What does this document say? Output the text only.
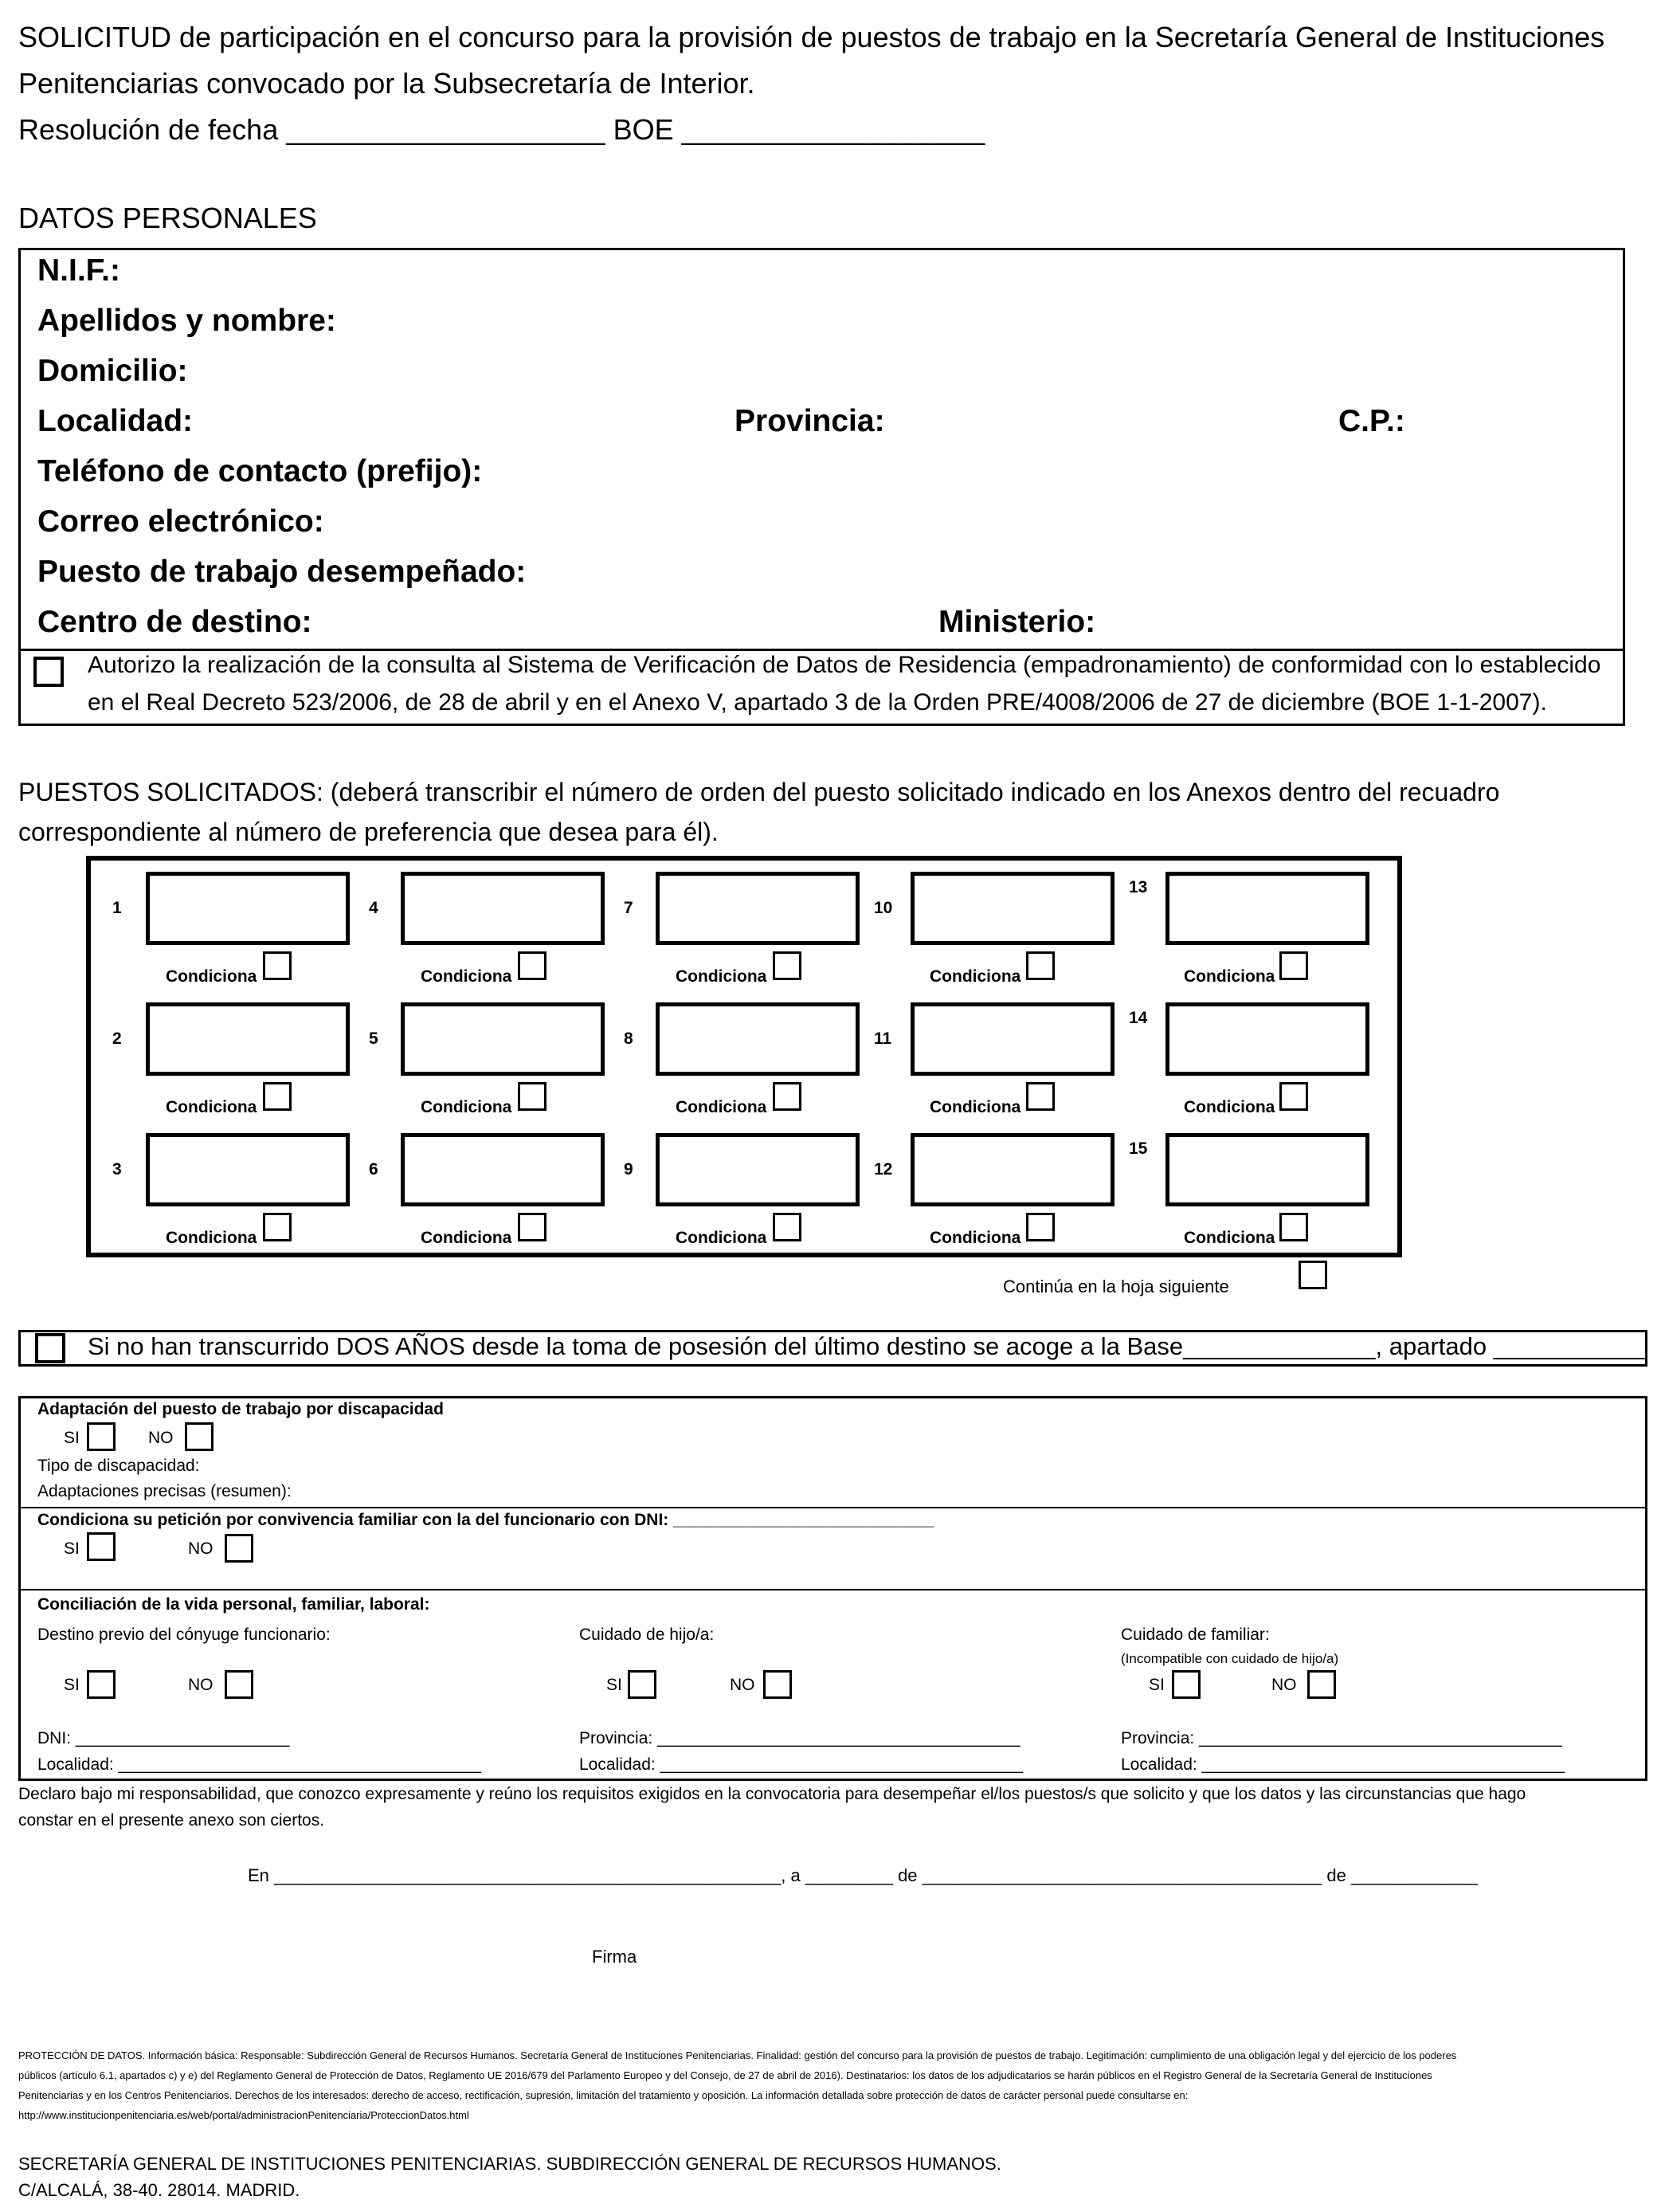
SOLICITUD de participación en el concurso para la provisión de puestos de trabajo en la Secretaría General de Instituciones
Penitenciarias convocado por la Subsecretaría de Interior.
Resolución de fecha ____________________ BOE ___________________
DATOS PERSONALES
N.I.F.:
Apellidos y nombre:
Domicilio:
Localidad:	Provincia:	C.P.:
Teléfono de contacto (prefijo):
Correo electrónico:
Puesto de trabajo desempeñado:
Centro de destino:	Ministerio:
Autorizo la realización de la consulta al Sistema de Verificación de Datos de Residencia (empadronamiento) de conformidad con lo establecido
en el Real Decreto 523/2006, de 28 de abril y en el Anexo V, apartado 3 de la Orden PRE/4008/2006 de 27 de diciembre (BOE 1-1-2007).
PUESTOS SOLICITADOS: (deberá transcribir el número de orden del puesto solicitado indicado en los Anexos dentro del recuadro
correspondiente al número de preferencia que desea para él).
1
Condiciona
4
Condiciona
7
Condiciona
10
Condiciona
13
Condiciona
2
Condiciona
5
Condiciona
8
Condiciona
11
Condiciona
14
Condiciona
3
Condiciona
6
Condiciona
9
Condiciona
12
Condiciona
15
Condiciona
Continúa en la hoja siguiente
Si no han transcurrido DOS AÑOS desde la toma de posesión del último destino se acoge a la Base______________, apartado ___________
Adaptación del puesto de trabajo por discapacidad
SI	NO
Tipo de discapacidad:
Adaptaciones precisas (resumen):
Condiciona su petición por convivencia familiar con la del funcionario con DNI: ____________________________
SI	NO
Conciliación de la vida personal, familiar, laboral:
Destino previo del cónyuge funcionario:
SI	NO
DNI: _______________________
Localidad: _______________________________________
Cuidado de hijo/a:
SI	NO
Provincia: _______________________________________
Localidad: _______________________________________
Cuidado de familiar:
(Incompatible con cuidado de hijo/a)
SI	NO
Provincia: _______________________________________
Localidad: _______________________________________
Declaro bajo mi responsabilidad, que conozco expresamente y reúno los requisitos exigidos en la convocatoria para desempeñar el/los puestos/s que solicito y que los datos y las circunstancias que hago
constar en el presente anexo son ciertos.
En ____________________________________________________, a _________ de _________________________________________ de _____________
Firma
PROTECCIÓN DE DATOS. Información básica: Responsable: Subdirección General de Recursos Humanos. Secretaría General de Instituciones Penitenciarias. Finalidad: gestión del concurso para la provisión de puestos de trabajo. Legitimación: cumplimiento de una obligación legal y del ejercicio de los poderes
públicos (artículo 6.1, apartados c) y e) del Reglamento General de Protección de Datos, Reglamento UE 2016/679 del Parlamento Europeo y del Consejo, de 27 de abril de 2016). Destinatarios: los datos de los adjudicatarios se harán públicos en el Registro General de la Secretaría General de Instituciones
Penitenciarias y en los Centros Penitenciarios. Derechos de los interesados: derecho de acceso, rectificación, supresión, limitación del tratamiento y oposición. La información detallada sobre protección de datos de carácter personal puede consultarse en:
http://www.institucionpenitenciaria.es/web/portal/administracionPenitenciaria/ProteccionDatos.html
SECRETARÍA GENERAL DE INSTITUCIONES PENITENCIARIAS. SUBDIRECCIÓN GENERAL DE RECURSOS HUMANOS.
C/ALCALÁ, 38-40. 28014. MADRID.
